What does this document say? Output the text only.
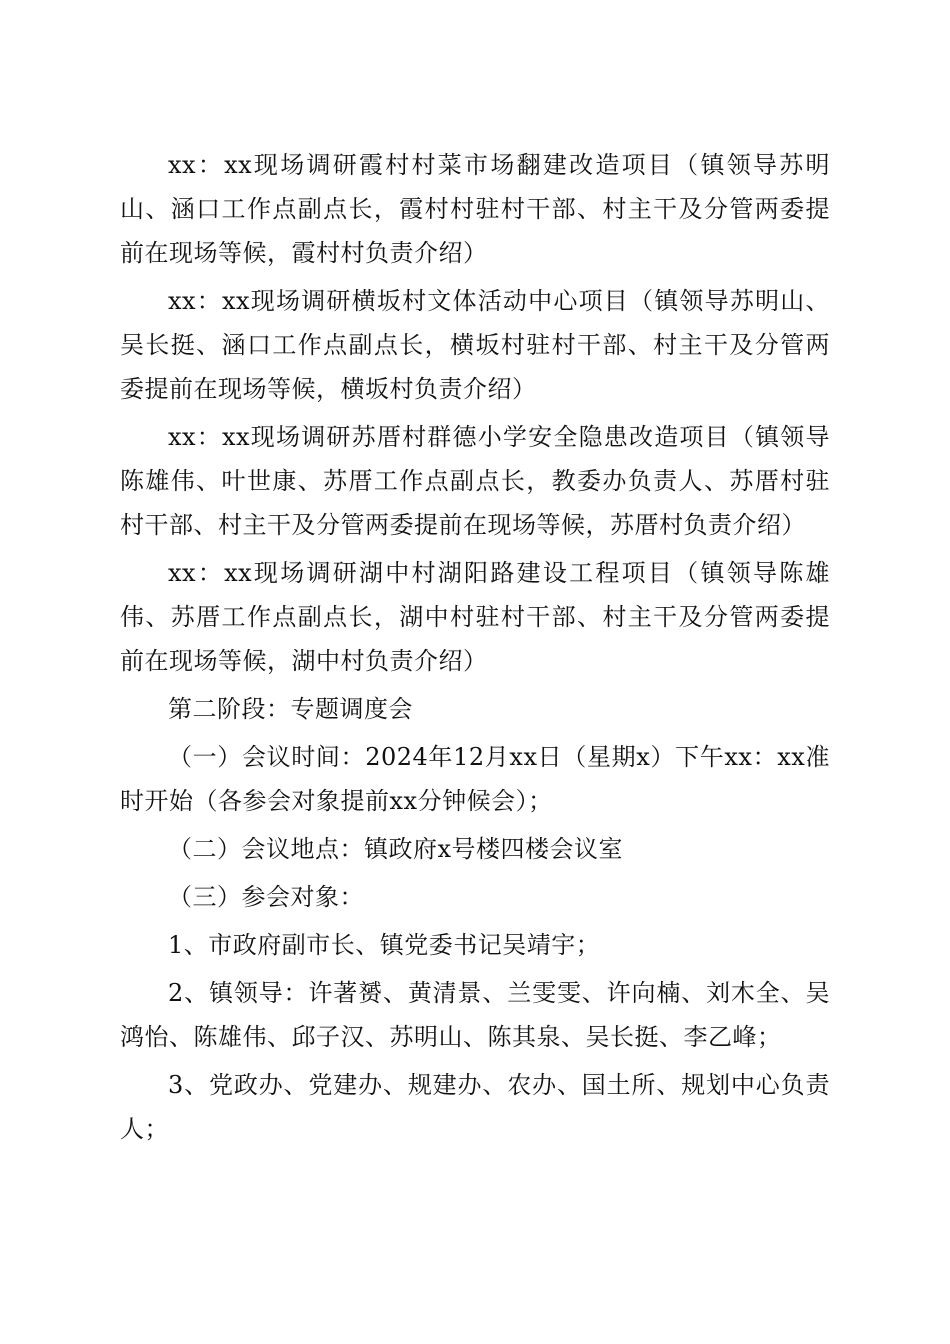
xx：xx现场调研霞村村菜市场翻建改造项目（镇领导苏明山、涵口工作点副点长，霞村村驻村干部、村主干及分管两委提前在现场等候，霞村村负责介绍）

xx：xx现场调研横坂村文体活动中心项目（镇领导苏明山、吴长挺、涵口工作点副点长，横坂村驻村干部、村主干及分管两委提前在现场等候，横坂村负责介绍）

xx：xx现场调研苏厝村群德小学安全隐患改造项目（镇领导陈雄伟、叶世康、苏厝工作点副点长，教委办负责人、苏厝村驻村干部、村主干及分管两委提前在现场等候，苏厝村负责介绍）

xx：xx现场调研湖中村湖阳路建设工程项目（镇领导陈雄伟、苏厝工作点副点长，湖中村驻村干部、村主干及分管两委提前在现场等候，湖中村负责介绍）

第二阶段：专题调度会

（一）会议时间：2024年12月xx日（星期x）下午xx：xx准时开始（各参会对象提前xx分钟候会）；

（二）会议地点：镇政府x号楼四楼会议室

（三）参会对象：

1、市政府副市长、镇党委书记吴靖宇；

2、镇领导：许著赟、黄清景、兰雯雯、许向楠、刘木全、吴鸿怡、陈雄伟、邱子汉、苏明山、陈其泉、吴长挺、李乙峰；

3、党政办、党建办、规建办、农办、国土所、规划中心负责人；
